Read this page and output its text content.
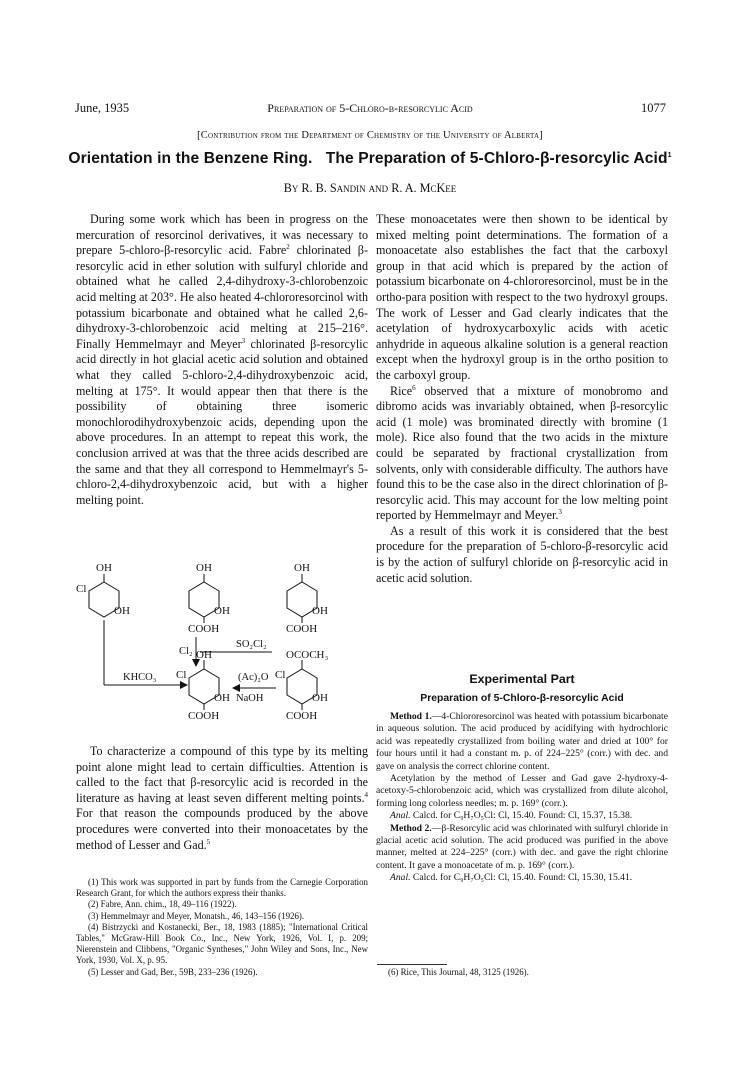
June, 1935	Preparation of 5-Chloro-β-resorcylic Acid	1077
[Contribution from the Department of Chemistry of the University of Alberta]
Orientation in the Benzene Ring.   The Preparation of 5-Chloro-β-resorcylic Acid$^1$
By R. B. Sandin and R. A. McKee

During some work which has been in progress on the mercuration of resorcinol derivatives, it was necessary to prepare 5-chloro-β-resorcylic acid. Fabre$^2$ chlorinated β-resorcylic acid in ether solution with sulfuryl chloride and obtained what he called 2,4-dihydroxy-3-chlorobenzoic acid melting at 203°. He also heated 4-chlororesorcinol with potassium bicarbonate and obtained what he called 2,6-dihydroxy-3-chlorobenzoic acid melting at 215–216°. Finally Hemmelmayr and Meyer$^3$ chlorinated β-resorcylic acid directly in hot glacial acetic acid solution and obtained what they called 5-chloro-2,4-dihydroxybenzoic acid, melting at 175°. It would appear then that there is the possibility of obtaining three isomeric monochlorodihydroxybenzoic acids, depending upon the above procedures. In an attempt to repeat this work, the conclusion arrived at was that the three acids described are the same and that they all correspond to Hemmelmayr's 5-chloro-2,4-dihydroxybenzoic acid, but with a higher melting point.

OH
Cl
OH
OH
OH
COOH
OH
OH
COOH
Cl₂
SO₂Cl₂
KHCO₃
OH
Cl
OH
COOH
(Ac)₂O
NaOH
OCOCH₃
Cl
OH
COOH

To characterize a compound of this type by its melting point alone might lead to certain difficulties. Attention is called to the fact that β-resorcylic acid is recorded in the literature as having at least seven different melting points.$^4$ For that reason the compounds produced by the above procedures were converted into their monoacetates by the method of Lesser and Gad.$^5$

(1) This work was supported in part by funds from the Carnegie Corporation Research Grant, for which the authors express their thanks.
(2) Fabre, Ann. chim., 18, 49–116 (1922).
(3) Hemmelmayr and Meyer, Monatsh., 46, 143–156 (1926).
(4) Bistrzycki and Kostanecki, Ber., 18, 1983 (1885); "International Critical Tables," McGraw-Hill Book Co., Inc., New York, 1926, Vol. I, p. 209; Nierenstein and Clibbens, "Organic Syntheses," John Wiley and Sons, Inc., New York, 1930, Vol. X, p. 95.
(5) Lesser and Gad, Ber., 59B, 233–236 (1926).

These monoacetates were then shown to be identical by mixed melting point determinations. The formation of a monoacetate also establishes the fact that the carboxyl group in that acid which is prepared by the action of potassium bicarbonate on 4-chlororesorcinol, must be in the ortho-para position with respect to the two hydroxyl groups. The work of Lesser and Gad clearly indicates that the acetylation of hydroxycarboxylic acids with acetic anhydride in aqueous alkaline solution is a general reaction except when the hydroxyl group is in the ortho position to the carboxyl group.

Rice$^6$ observed that a mixture of monobromo and dibromo acids was invariably obtained, when β-resorcylic acid (1 mole) was brominated directly with bromine (1 mole). Rice also found that the two acids in the mixture could be separated by fractional crystallization from solvents, only with considerable difficulty. The authors have found this to be the case also in the direct chlorination of β-resorcylic acid. This may account for the low melting point reported by Hemmelmayr and Meyer.$^3$

As a result of this work it is considered that the best procedure for the preparation of 5-chloro-β-resorcylic acid is by the action of sulfuryl chloride on β-resorcylic acid in acetic acid solution.

Experimental Part
Preparation of 5-Chloro-β-resorcylic Acid

Method 1.—4-Chlororesorcinol was heated with potassium bicarbonate in aqueous solution. The acid produced by acidifying with hydrochloric acid was repeatedly crystallized from boiling water and dried at 100° for four hours until it had a constant m. p. of 224–225° (corr.) with dec. and gave on analysis the correct chlorine content.

Acetylation by the method of Lesser and Gad gave 2-hydroxy-4-acetoxy-5-chlorobenzoic acid, which was crystallized from dilute alcohol, forming long colorless needles; m. p. 169° (corr.).

Anal. Calcd. for C₉H₇O₅Cl: Cl, 15.40. Found: Cl, 15.37, 15.38.

Method 2.—β-Resorcylic acid was chlorinated with sulfuryl chloride in glacial acetic acid solution. The acid produced was purified in the above manner, melted at 224–225° (corr.) with dec. and gave the right chlorine content. It gave a monoacetate of m. p. 169° (corr.).

Anal. Calcd. for C₉H₇O₅Cl: Cl, 15.40. Found: Cl, 15.30, 15.41.

(6) Rice, This Journal, 48, 3125 (1926).
